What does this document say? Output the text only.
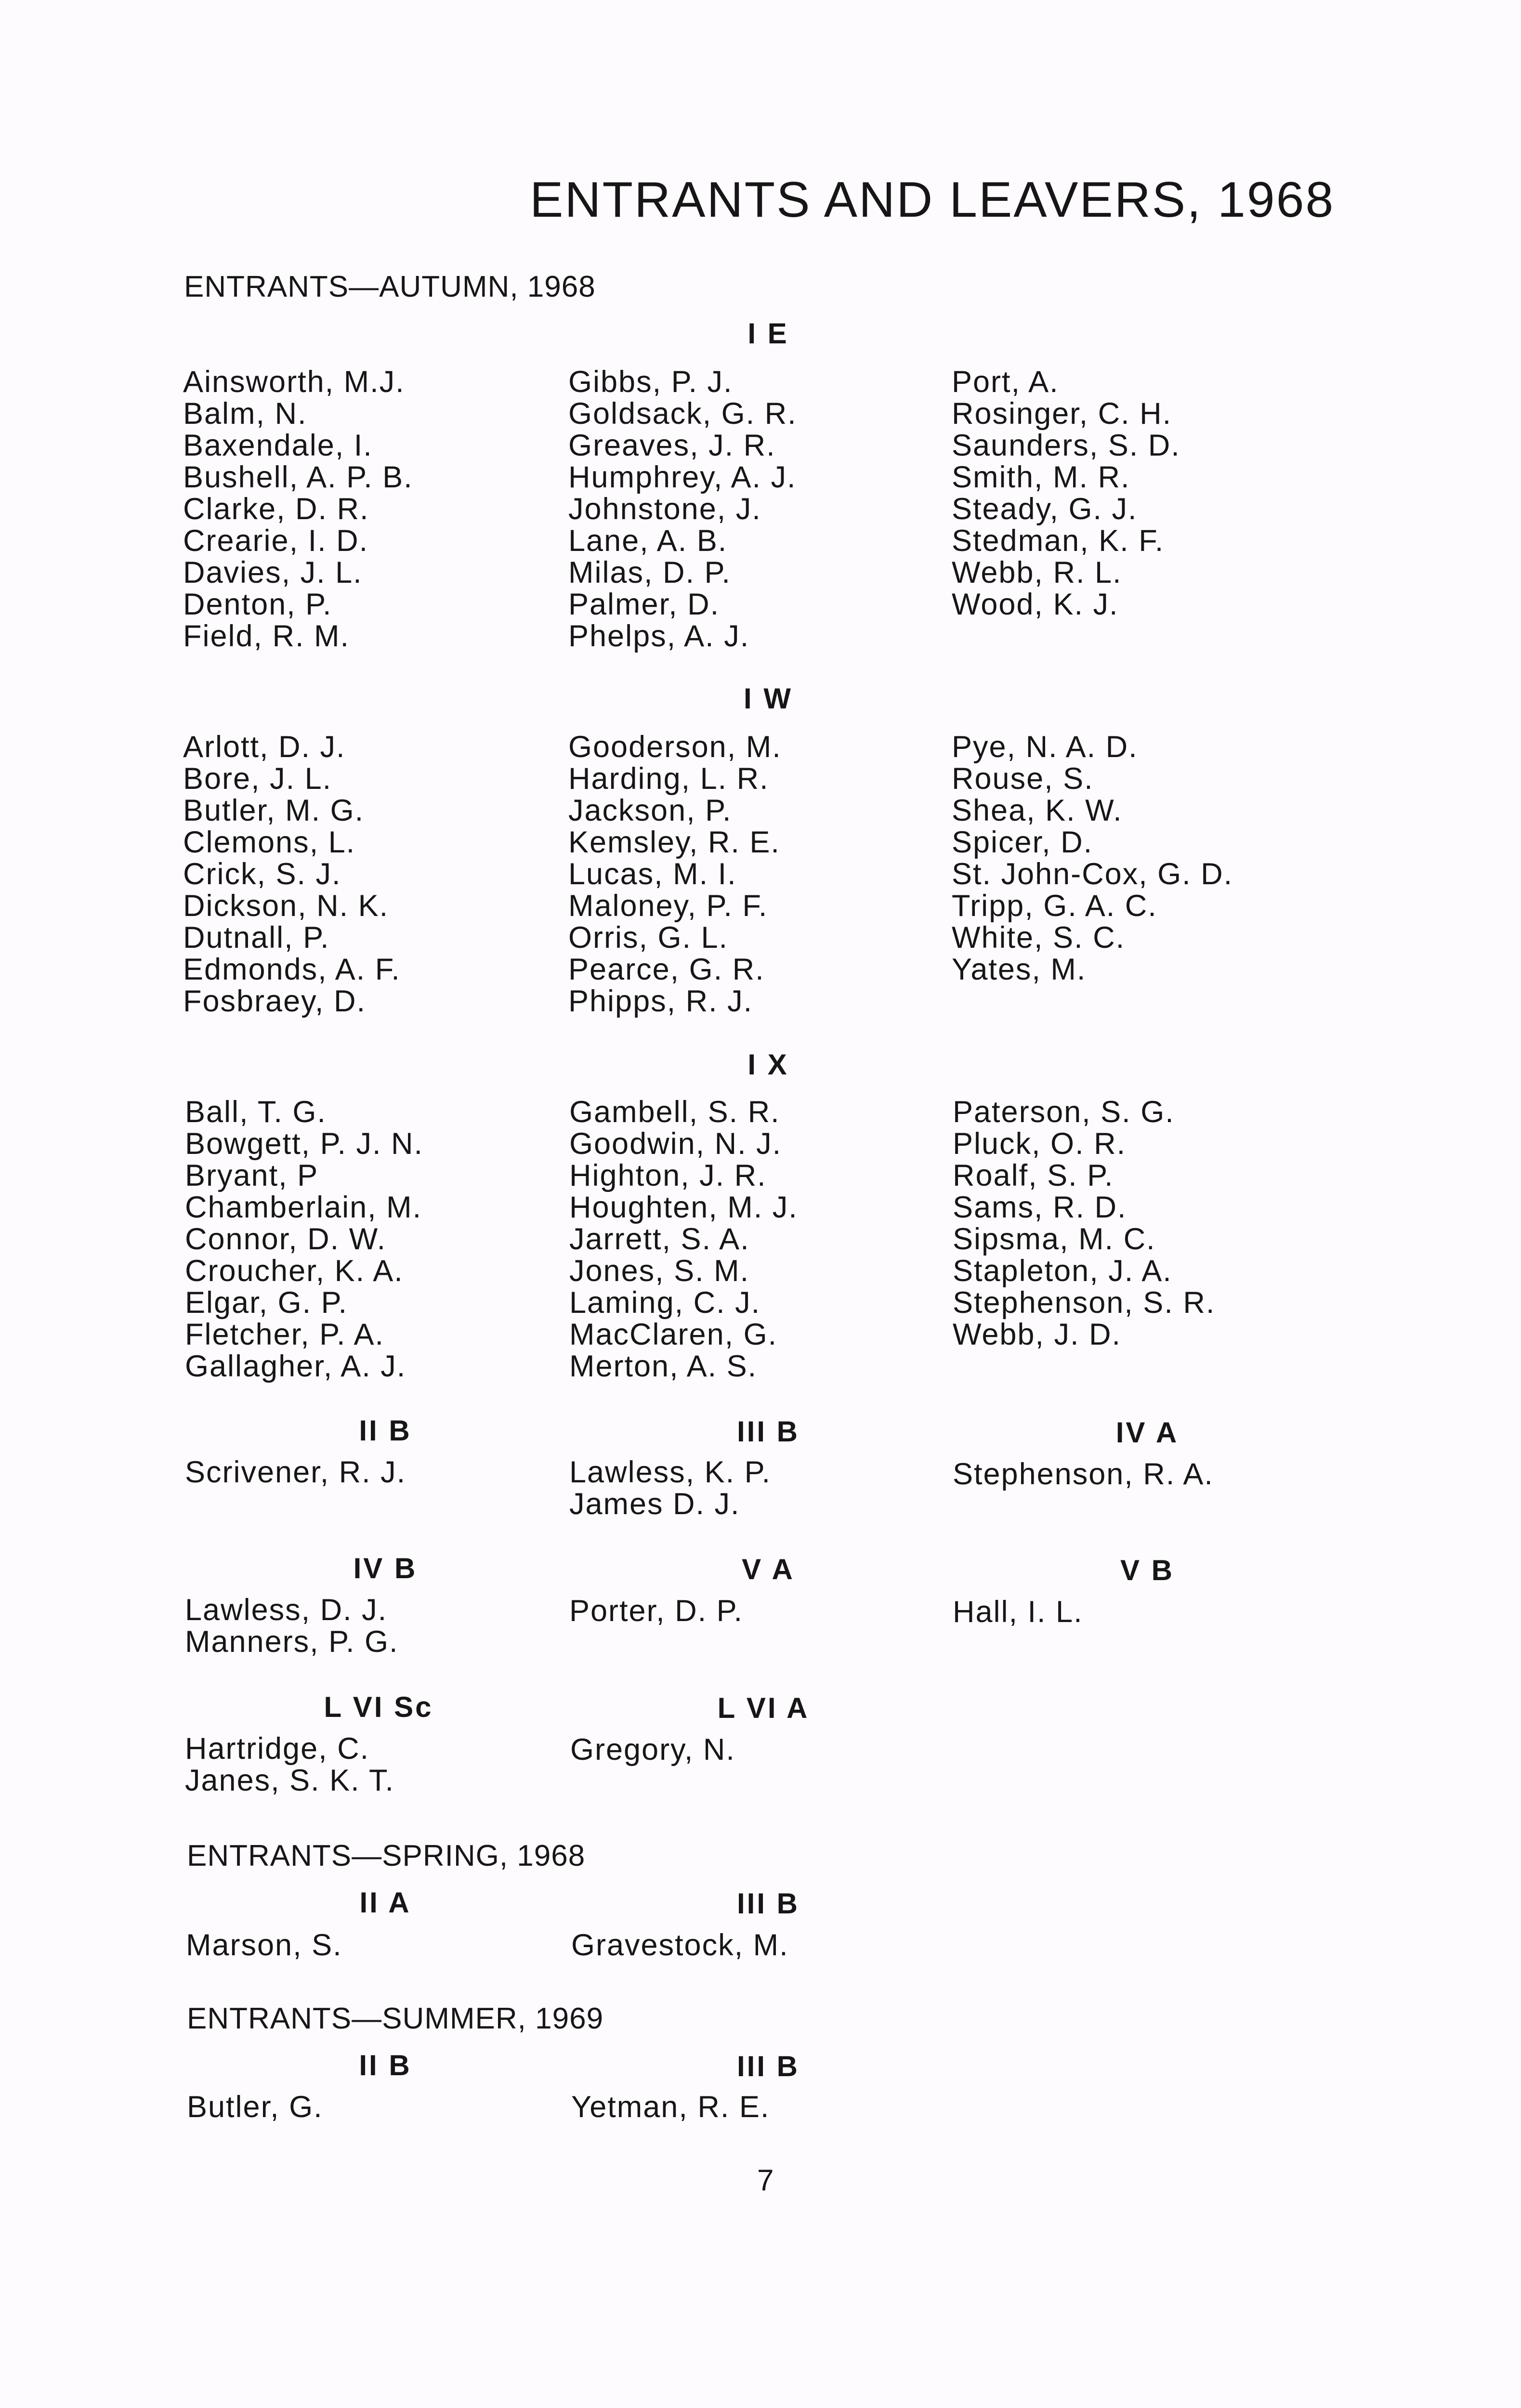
ENTRANTS AND LEAVERS, 1968
ENTRANTS—AUTUMN, 1968
I E
Ainsworth, M.J.
Balm, N.
Baxendale, I.
Bushell, A. P. B.
Clarke, D. R.
Crearie, I. D.
Davies, J. L.
Denton, P.
Field, R. M.
Gibbs, P. J.
Goldsack, G. R.
Greaves, J. R.
Humphrey, A. J.
Johnstone, J.
Lane, A. B.
Milas, D. P.
Palmer, D.
Phelps, A. J.
Port, A.
Rosinger, C. H.
Saunders, S. D.
Smith, M. R.
Steady, G. J.
Stedman, K. F.
Webb, R. L.
Wood, K. J.
I W
Arlott, D. J.
Bore, J. L.
Butler, M. G.
Clemons, L.
Crick, S. J.
Dickson, N. K.
Dutnall, P.
Edmonds, A. F.
Fosbraey, D.
Gooderson, M.
Harding, L. R.
Jackson, P.
Kemsley, R. E.
Lucas, M. I.
Maloney, P. F.
Orris, G. L.
Pearce, G. R.
Phipps, R. J.
Pye, N. A. D.
Rouse, S.
Shea, K. W.
Spicer, D.
St. John-Cox, G. D.
Tripp, G. A. C.
White, S. C.
Yates, M.
I X
Ball, T. G.
Bowgett, P. J. N.
Bryant, P
Chamberlain, M.
Connor, D. W.
Croucher, K. A.
Elgar, G. P.
Fletcher, P. A.
Gallagher, A. J.
Gambell, S. R.
Goodwin, N. J.
Highton, J. R.
Houghten, M. J.
Jarrett, S. A.
Jones, S. M.
Laming, C. J.
MacClaren, G.
Merton, A. S.
Paterson, S. G.
Pluck, O. R.
Roalf, S. P.
Sams, R. D.
Sipsma, M. C.
Stapleton, J. A.
Stephenson, S. R.
Webb, J. D.
II B
Scrivener, R. J.
III B
Lawless, K. P.
James D. J.
IV A
Stephenson, R. A.
IV B
Lawless, D. J.
Manners, P. G.
V A
Porter, D. P.
V B
Hall, I. L.
L VI Sc
Hartridge, C.
Janes, S. K. T.
L VI A
Gregory, N.
ENTRANTS—SPRING, 1968
II A
Marson, S.
III B
Gravestock, M.
ENTRANTS—SUMMER, 1969
II B
Butler, G.
III B
Yetman, R. E.
7
